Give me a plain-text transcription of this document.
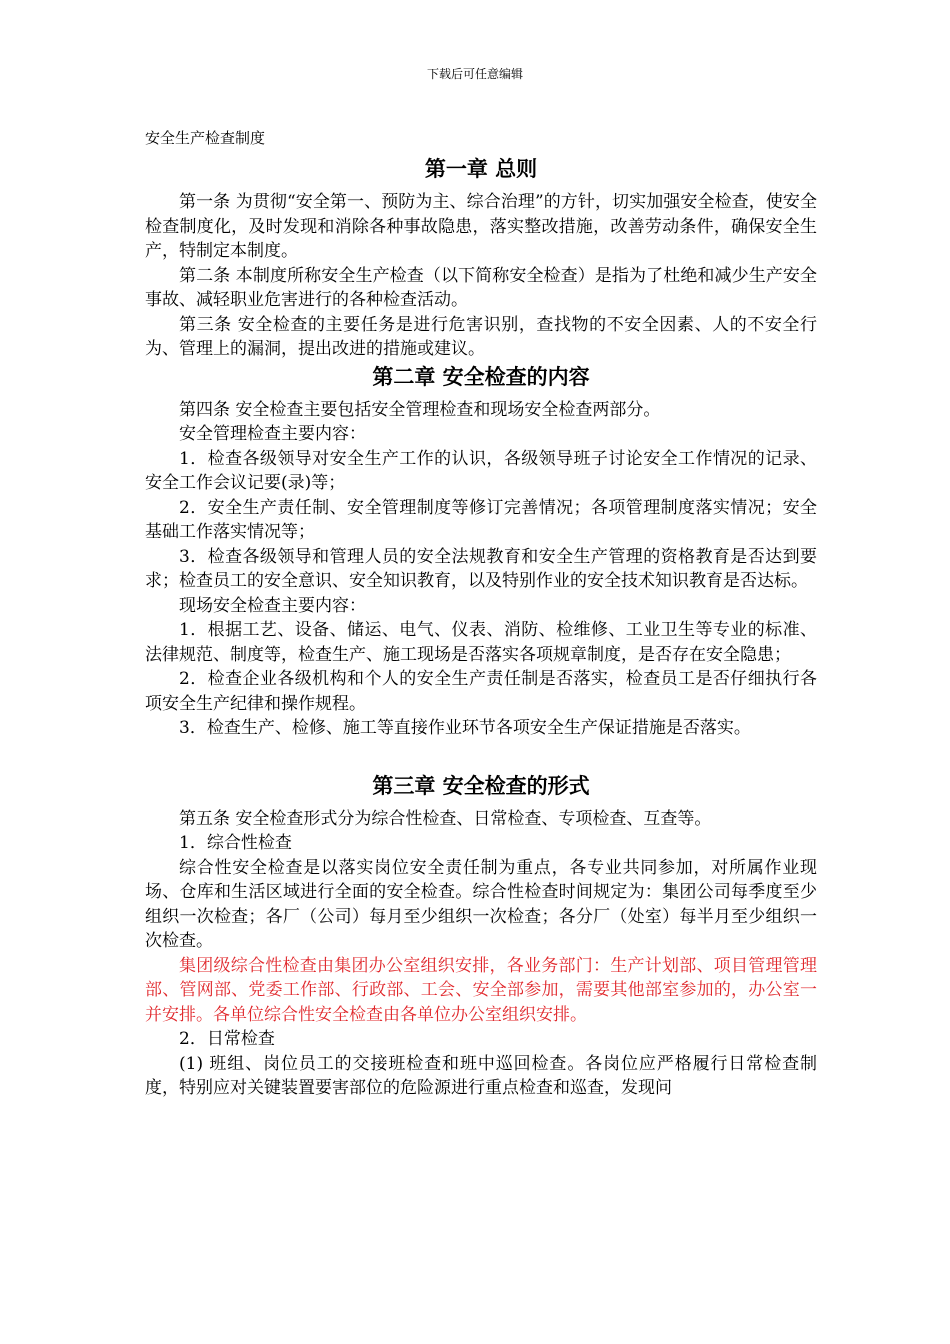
下载后可任意编辑
安全生产检查制度
第一章 总则

第一条 为贯彻“安全第一、预防为主、综合治理”的方针，切实加强安全检查，使安全检查制度化，及时发现和消除各种事故隐患，落实整改措施，改善劳动条件，确保安全生产，特制定本制度。

第二条 本制度所称安全生产检查（以下简称安全检查）是指为了杜绝和减少生产安全事故、减轻职业危害进行的各种检查活动。

第三条 安全检查的主要任务是进行危害识别，查找物的不安全因素、人的不安全行为、管理上的漏洞，提出改进的措施或建议。

第二章 安全检查的内容

第四条 安全检查主要包括安全管理检查和现场安全检查两部分。

安全管理检查主要内容：

1．检查各级领导对安全生产工作的认识，各级领导班子讨论安全工作情况的记录、安全工作会议记要(录)等；

2．安全生产责任制、安全管理制度等修订完善情况；各项管理制度落实情况；安全基础工作落实情况等；

3．检查各级领导和管理人员的安全法规教育和安全生产管理的资格教育是否达到要求；检查员工的安全意识、安全知识教育，以及特别作业的安全技术知识教育是否达标。

现场安全检查主要内容：

1．根据工艺、设备、储运、电气、仪表、消防、检维修、工业卫生等专业的标准、法律规范、制度等，检查生产、施工现场是否落实各项规章制度，是否存在安全隐患；

2．检查企业各级机构和个人的安全生产责任制是否落实，检查员工是否仔细执行各项安全生产纪律和操作规程。

3．检查生产、检修、施工等直接作业环节各项安全生产保证措施是否落实。

第三章 安全检查的形式

第五条 安全检查形式分为综合性检查、日常检查、专项检查、互查等。

1．综合性检查

综合性安全检查是以落实岗位安全责任制为重点，各专业共同参加，对所属作业现场、仓库和生活区域进行全面的安全检查。综合性检查时间规定为：集团公司每季度至少组织一次检查；各厂（公司）每月至少组织一次检查；各分厂（处室）每半月至少组织一次检查。

集团级综合性检查由集团办公室组织安排，各业务部门：生产计划部、项目管理管理部、管网部、党委工作部、行政部、工会、安全部参加，需要其他部室参加的，办公室一并安排。各单位综合性安全检查由各单位办公室组织安排。

2．日常检查

(1) 班组、岗位员工的交接班检查和班中巡回检查。各岗位应严格履行日常检查制度，特别应对关键装置要害部位的危险源进行重点检查和巡查，发现问
